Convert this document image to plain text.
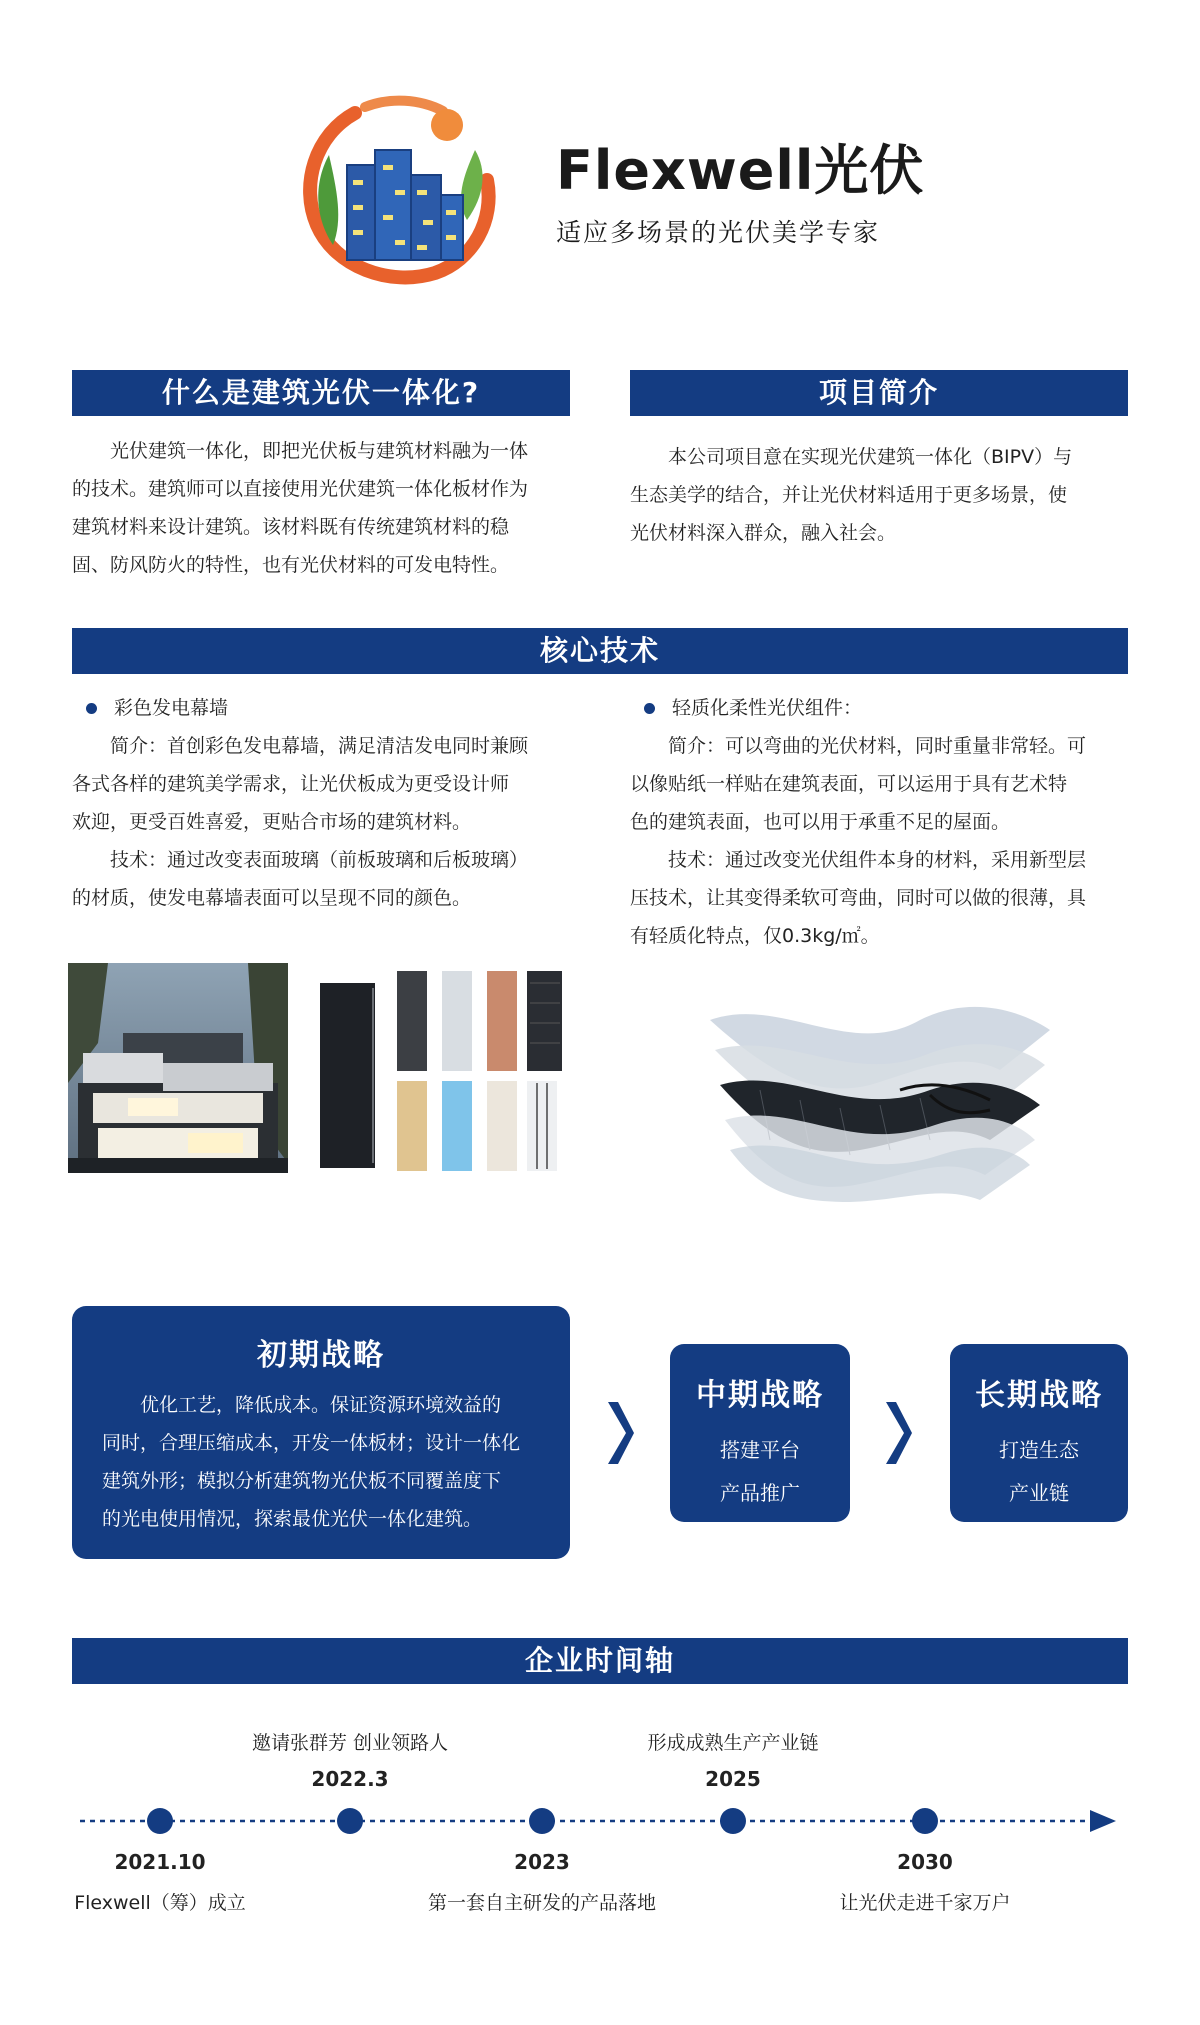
Flexwell光伏
适应多场景的光伏美学专家
什么是建筑光伏一体化?
光伏建筑一体化，即把光伏板与建筑材料融为一体
的技术。建筑师可以直接使用光伏建筑一体化板材作为
建筑材料来设计建筑。该材料既有传统建筑材料的稳
固、防风防火的特性，也有光伏材料的可发电特性。
项目简介
本公司项目意在实现光伏建筑一体化（BIPV）与
生态美学的结合，并让光伏材料适用于更多场景，使
光伏材料深入群众，融入社会。
核心技术
彩色发电幕墙
简介：首创彩色发电幕墙，满足清洁发电同时兼顾
各式各样的建筑美学需求，让光伏板成为更受设计师
欢迎，更受百姓喜爱，更贴合市场的建筑材料。
技术：通过改变表面玻璃（前板玻璃和后板玻璃）
的材质，使发电幕墙表面可以呈现不同的颜色。
轻质化柔性光伏组件：
简介：可以弯曲的光伏材料，同时重量非常轻。可
以像贴纸一样贴在建筑表面，可以运用于具有艺术特
色的建筑表面，也可以用于承重不足的屋面。
技术：通过改变光伏组件本身的材料，采用新型层
压技术，让其变得柔软可弯曲，同时可以做的很薄，具
有轻质化特点，仅0.3kg/㎡。
初期战略
优化工艺，降低成本。保证资源环境效益的
同时，合理压缩成本，开发一体板材；设计一体化
建筑外形；模拟分析建筑物光伏板不同覆盖度下
的光电使用情况，探索最优光伏一体化建筑。
中期战略
搭建平台
产品推广
长期战略
打造生态
产业链
企业时间轴
2021.10
Flexwell（筹）成立
2023
第一套自主研发的产品落地
2030
让光伏走进千家万户
邀请张群芳 创业领路人
2022.3
形成成熟生产产业链
2025
